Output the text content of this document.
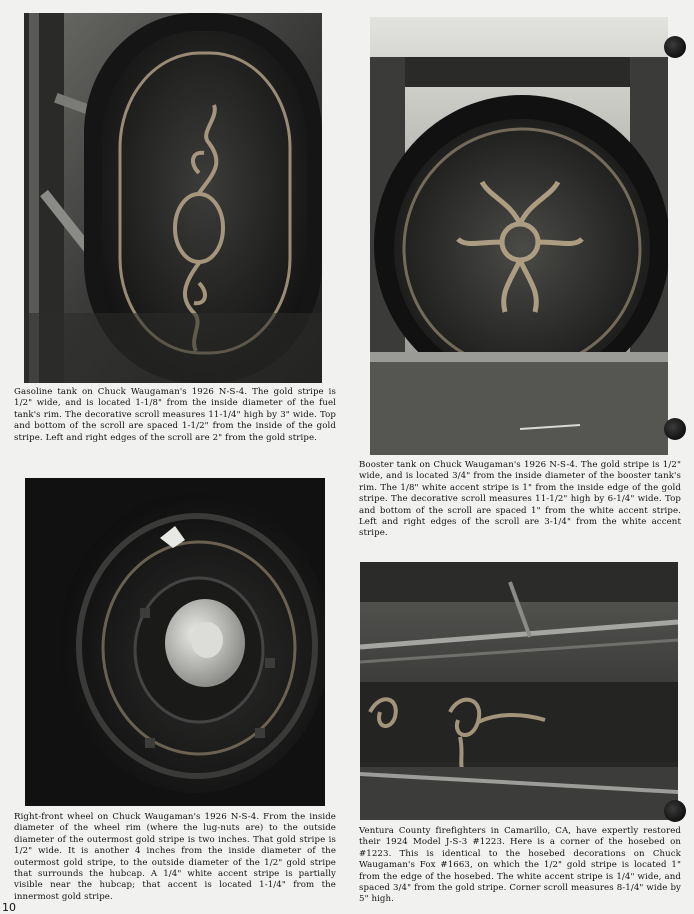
Gasoline tank on Chuck Waugaman's 1926 N-S-4. The gold stripe is 1/2" wide, and is located 1-1/8" from the inside diameter of the fuel tank's rim. The decorative scroll measures 11-1/4" high by 3" wide. Top and bottom of the scroll are spaced 1-1/2" from the inside of the gold stripe. Left and right edges of the scroll are 2" from the gold stripe.
Booster tank on Chuck Waugaman's 1926 N-S-4. The gold stripe is 1/2" wide, and is located 3/4" from the inside diameter of the booster tank's rim. The 1/8" white accent stripe is 1" from the inside edge of the gold stripe. The decorative scroll measures 11-1/2" high by 6-1/4" wide. Top and bottom of the scroll are spaced 1" from the white accent stripe. Left and right edges of the scroll are 3-1/4" from the white accent stripe.
Right-front wheel on Chuck Waugaman's 1926 N-S-4. From the inside diameter of the wheel rim (where the lug-nuts are) to the outside diameter of the outermost gold stripe is two inches. That gold stripe is 1/2" wide. It is another 4 inches from the inside diameter of the outermost gold stripe, to the outside diameter of the 1/2" gold stripe that surrounds the hubcap. A 1/4" white accent stripe is partially visible near the hubcap; that accent is located 1-1/4" from the innermost gold stripe.
Ventura County firefighters in Camarillo, CA, have expertly restored their 1924 Model J-S-3 #1223. Here is a corner of the hosebed on #1223. This is identical to the hosebed decorations on Chuck Waugaman's Fox #1663, on which the 1/2" gold stripe is located 1" from the edge of the hosebed. The white accent stripe is 1/4" wide, and spaced 3/4" from the gold stripe. Corner scroll measures 8-1/4" wide by 5" high.
10
